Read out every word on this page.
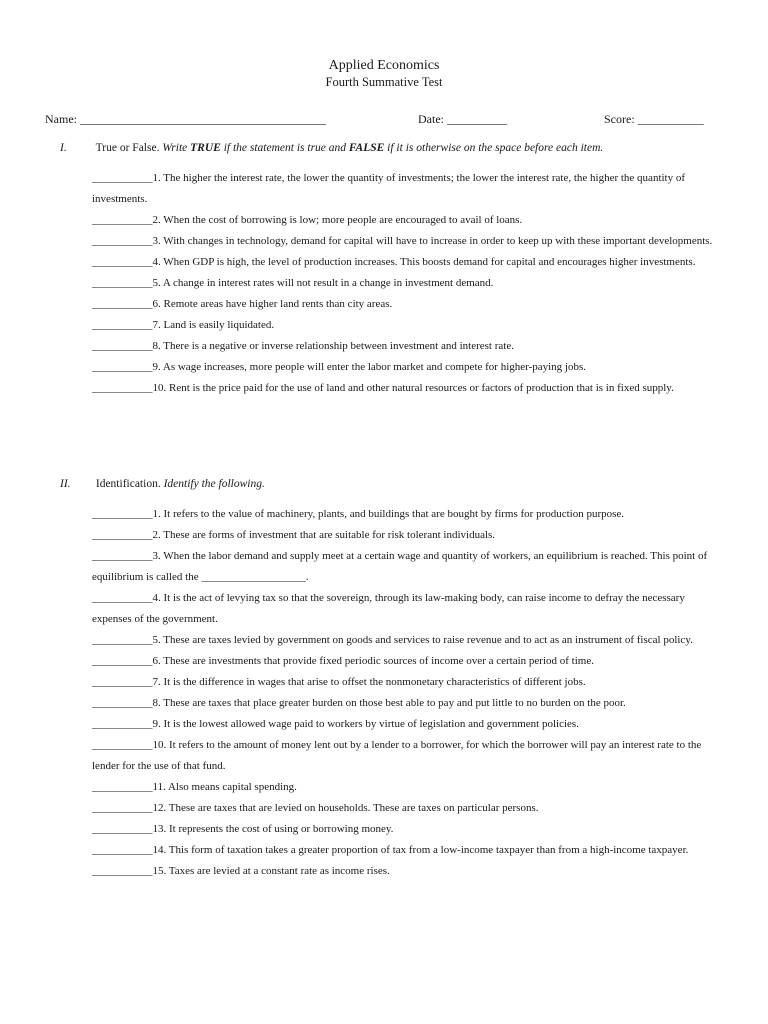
Applied Economics
Fourth Summative Test
Name: _________________________________________	Date: __________	Score: ___________
I.	True or False. Write TRUE if the statement is true and FALSE if it is otherwise on the space before each item.

___________1. The higher the interest rate, the lower the quantity of investments; the lower the interest rate, the higher the quantity of investments.

___________2. When the cost of borrowing is low; more people are encouraged to avail of loans.

___________3. With changes in technology, demand for capital will have to increase in order to keep up with these important developments.

___________4. When GDP is high, the level of production increases. This boosts demand for capital and encourages higher investments.

___________5. A change in interest rates will not result in a change in investment demand.

___________6. Remote areas have higher land rents than city areas.

___________7. Land is easily liquidated.

___________8. There is a negative or inverse relationship between investment and interest rate.

___________9. As wage increases, more people will enter the labor market and compete for higher-paying jobs.

___________10. Rent is the price paid for the use of land and other natural resources or factors of production that is in fixed supply.

II. Identification. Identify the following.

___________1. It refers to the value of machinery, plants, and buildings that are bought by firms for production purpose.

___________2. These are forms of investment that are suitable for risk tolerant individuals.

___________3. When the labor demand and supply meet at a certain wage and quantity of workers, an equilibrium is reached. This point of equilibrium is called the ___________________.

___________4. It is the act of levying tax so that the sovereign, through its law-making body, can raise income to defray the necessary expenses of the government.

___________5. These are taxes levied by government on goods and services to raise revenue and to act as an instrument of fiscal policy.

___________6. These are investments that provide fixed periodic sources of income over a certain period of time.

___________7. It is the difference in wages that arise to offset the nonmonetary characteristics of different jobs.

___________8. These are taxes that place greater burden on those best able to pay and put little to no burden on the poor.

___________9. It is the lowest allowed wage paid to workers by virtue of legislation and government policies.

___________10. It refers to the amount of money lent out by a lender to a borrower, for which the borrower will pay an interest rate to the lender for the use of that fund.

___________11. Also means capital spending.

___________12. These are taxes that are levied on households. These are taxes on particular persons.

___________13. It represents the cost of using or borrowing money.

___________14. This form of taxation takes a greater proportion of tax from a low-income taxpayer than from a high-income taxpayer.

___________15. Taxes are levied at a constant rate as income rises.
